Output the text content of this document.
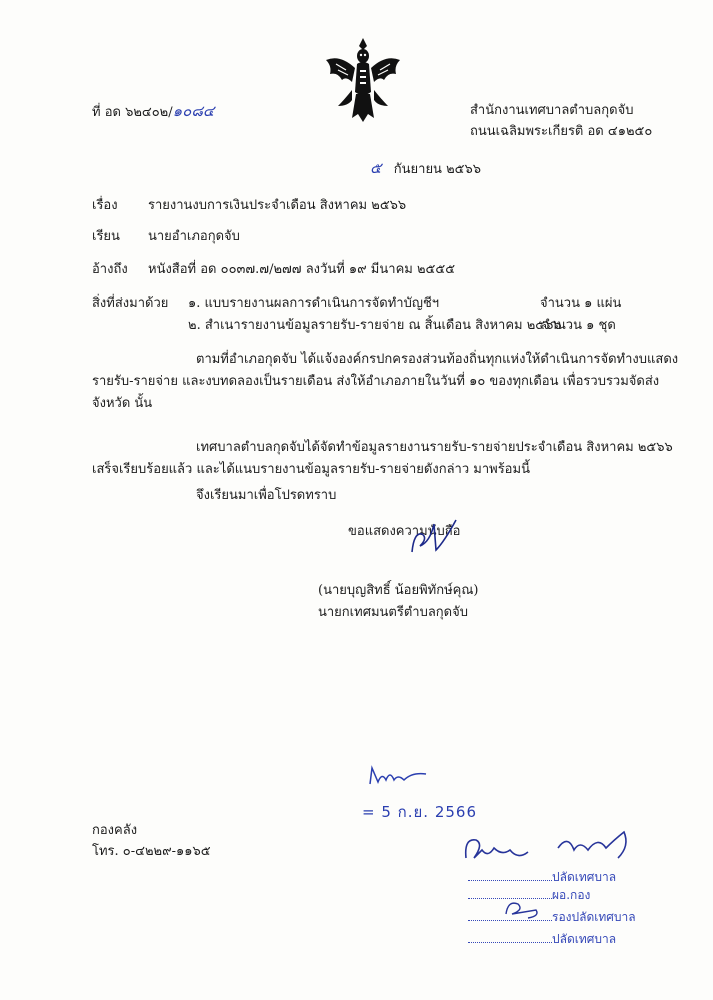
ที่ อด ๖๒๔๐๒/๑๐๘๔	สำนักงานเทศบาลตำบลกุดจับ
ถนนเฉลิมพระเกียรติ อด ๔๑๒๕๐
๕ กันยายน ๒๕๖๖
เรื่อง รายงานงบการเงินประจำเดือน สิงหาคม ๒๕๖๖
เรียน นายอำเภอกุดจับ
อ้างถึง หนังสือที่ อด ๐๐๓๗.๗/๒๗๗ ลงวันที่ ๑๙ มีนาคม ๒๕๕๕
สิ่งที่ส่งมาด้วย ๑. แบบรายงานผลการดำเนินการจัดทำบัญชีฯ	จำนวน ๑ แผ่น
๒. สำเนารายงานข้อมูลรายรับ-รายจ่าย ณ สิ้นเดือน สิงหาคม ๒๕๖๖
จำนวน ๑ ชุด
ตามที่อำเภอกุดจับ ได้แจ้งองค์กรปกครองส่วนท้องถิ่นทุกแห่งให้ดำเนินการจัดทำงบแสดง
รายรับ-รายจ่าย และงบทดลองเป็นรายเดือน ส่งให้อำเภอภายในวันที่ ๑๐ ของทุกเดือน เพื่อรวบรวมจัดส่ง
จังหวัด นั้น
เทศบาลตำบลกุดจับได้จัดทำข้อมูลรายงานรายรับ-รายจ่ายประจำเดือน สิงหาคม ๒๕๖๖
เสร็จเรียบร้อยแล้ว และได้แนบรายงานข้อมูลรายรับ-รายจ่ายดังกล่าว มาพร้อมนี้
จึงเรียนมาเพื่อโปรดทราบ
ขอแสดงความนับถือ
(นายบุญสิทธิ์ น้อยพิทักษ์คุณ)
นายกเทศมนตรีตำบลกุดจับ
= 5 ก.ย. 2566
กองคลัง
โทร. ๐-๔๒๒๙-๑๑๖๕
ปลัดเทศบาล
ผอ.กอง
รองปลัดเทศบาล
ปลัดเทศบาล
